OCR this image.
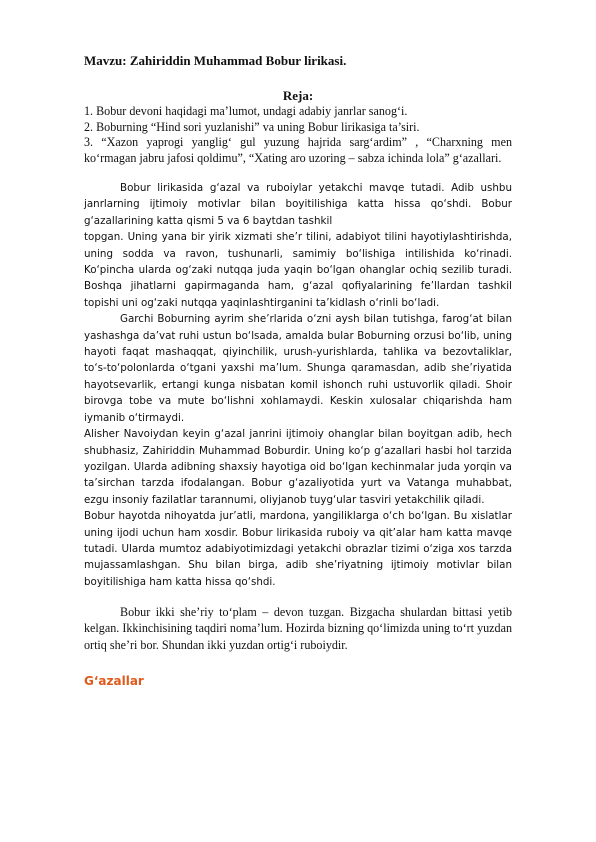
Mavzu: Zahiriddin Muhammad Bobur lirikasi.

Reja:

1. Bobur devoni haqidagi ma’lumot, undagi adabiy janrlar sanog‘i.

2. Boburning “Hind sori yuzlanishi” va uning Bobur lirikasiga ta’siri.

3. “Xazon yaprogi yanglig‘ gul yuzung hajrida sarg‘ardim” , “Charxning men ko‘rmagan jabru jafosi qoldimu”, “Xating aro uzoring – sabza ichinda lola” g‘azallari.

Bobur lirikasida g‘azal va ruboiylar yetakchi mavqe tutadi. Adib ushbu janrlarning ijtimoiy motivlar bilan boyitilishiga katta hissa qo‘shdi. Bobur g‘azallarining katta qismi 5 va 6 baytdan tashkil

topgan. Uning yana bir yirik xizmati she’r tilini, adabiyot tilini hayotiylashtirishda, uning sodda va ravon, tushunarli, samimiy bo‘lishiga intilishida ko‘rinadi. Ko‘pincha ularda og‘zaki nutqqa juda yaqin bo‘lgan ohanglar ochiq sezilib turadi. Boshqa jihatlarni gapirmaganda ham, g‘azal qofiyalarining fe’llardan tashkil topishi uni og‘zaki nutqqa yaqinlashtirganini ta’kidlash o‘rinli bo‘ladi.

Garchi Boburning ayrim she’rlarida o‘zni aysh bilan tutishga, farog‘at bilan yashashga da’vat ruhi ustun bo‘lsada, amalda bular Boburning orzusi bo‘lib, uning hayoti faqat mashaqqat, qiyinchilik, urush-yurishlarda, tahlika va bezovtaliklar, to‘s-to‘polonlarda o‘tgani yaxshi ma’lum. Shunga qaramasdan, adib she’riyatida hayotsevarlik, ertangi kunga nisbatan komil ishonch ruhi ustuvorlik qiladi. Shoir birovga tobe va mute bo‘lishni xohlamaydi. Keskin xulosalar chiqarishda ham iymanib o‘tirmaydi.

Alisher Navoiydan keyin g‘azal janrini ijtimoiy ohanglar bilan boyitgan adib, hech shubhasiz, Zahiriddin Muhammad Boburdir. Uning ko‘p g‘azallari hasbi hol tarzida yozilgan. Ularda adibning shaxsiy hayotiga oid bo‘lgan kechinmalar juda yorqin va ta’sirchan tarzda ifodalangan. Bobur g‘azaliyotida yurt va Vatanga muhabbat, ezgu insoniy fazilatlar tarannumi, oliyjanob tuyg‘ular tasviri yetakchilik qiladi.

Bobur hayotda nihoyatda jur’atli, mardona, yangiliklarga o‘ch bo‘lgan. Bu xislatlar uning ijodi uchun ham xosdir. Bobur lirikasida ruboiy va qit’alar ham katta mavqe tutadi. Ularda mumtoz adabiyotimizdagi yetakchi obrazlar tizimi o‘ziga xos tarzda mujassamlashgan. Shu bilan birga, adib she’riyatning ijtimoiy motivlar bilan boyitilishiga ham katta hissa qo‘shdi.

Bobur ikki she’riy to‘plam – devon tuzgan. Bizgacha shulardan bittasi yetib kelgan. Ikkinchisining taqdiri noma’lum. Hozirda bizning qo‘limizda uning to‘rt yuzdan ortiq she’ri bor. Shundan ikki yuzdan ortig‘i ruboiydir.

G‘azallar
